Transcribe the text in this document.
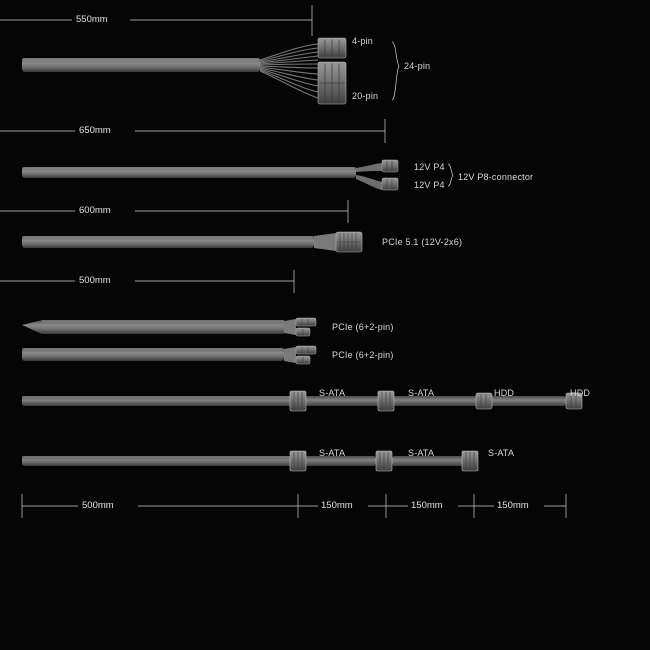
550mm
650mm
600mm
500mm
500mm	150mm	150mm	150mm
4-pin
20-pin
24-pin
12V P4
12V P4
12V P8-connector
PCIe 5.1 (12V-2x6)
PCIe (6+2-pin)
PCIe (6+2-pin)
S-ATA	S-ATA	HDD	HDD
S-ATA	S-ATA	S-ATA
